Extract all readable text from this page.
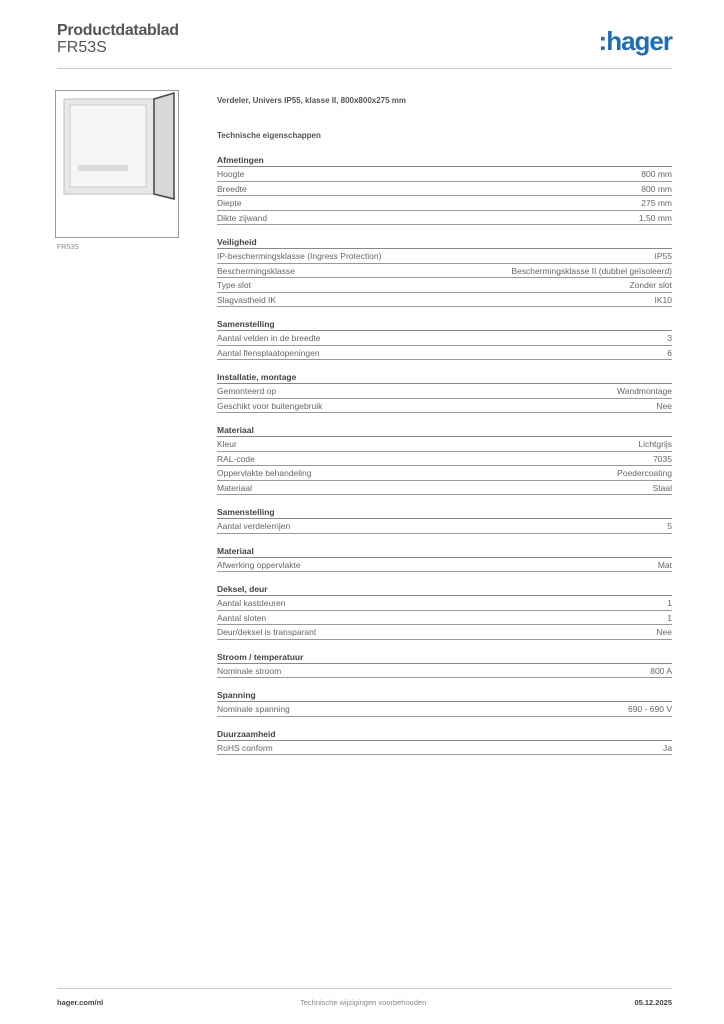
Productdatablad
FR53S	:hager
FR53S
Verdeler, Univers IP55, klasse II, 800x800x275 mm
Technische eigenschappen
Afmetingen
Hoogte	800 mm
Breedte	800 mm
Diepte	275 mm
Dikte zijwand	1,50 mm
Veiligheid
IP-beschermingsklasse (Ingress Protection)	IP55
Beschermingsklasse	Beschermingsklasse II (dubbel geïsoleerd)
Type slot	Zonder slot
Slagvastheid IK	IK10
Samenstelling
Aantal velden in de breedte	3
Aantal flensplaatopeningen	6
Installatie, montage
Gemonteerd op	Wandmontage
Geschikt voor buitengebruik	Nee
Materiaal
Kleur	Lichtgrijs
RAL-code	7035
Oppervlakte behandeling	Poedercoating
Materiaal	Staal
Samenstelling
Aantal verdelerrijen	5
Materiaal
Afwerking oppervlakte	Mat
Deksel, deur
Aantal kastdeuren	1
Aantal sloten	1
Deur/deksel is transparant	Nee
Stroom / temperatuur
Nominale stroom	800 A
Spanning
Nominale spanning	690 - 690 V
Duurzaamheid
RoHS conform	Ja
hager.com/nl	Technische wijzigingen voorbehouden	05.12.2025
